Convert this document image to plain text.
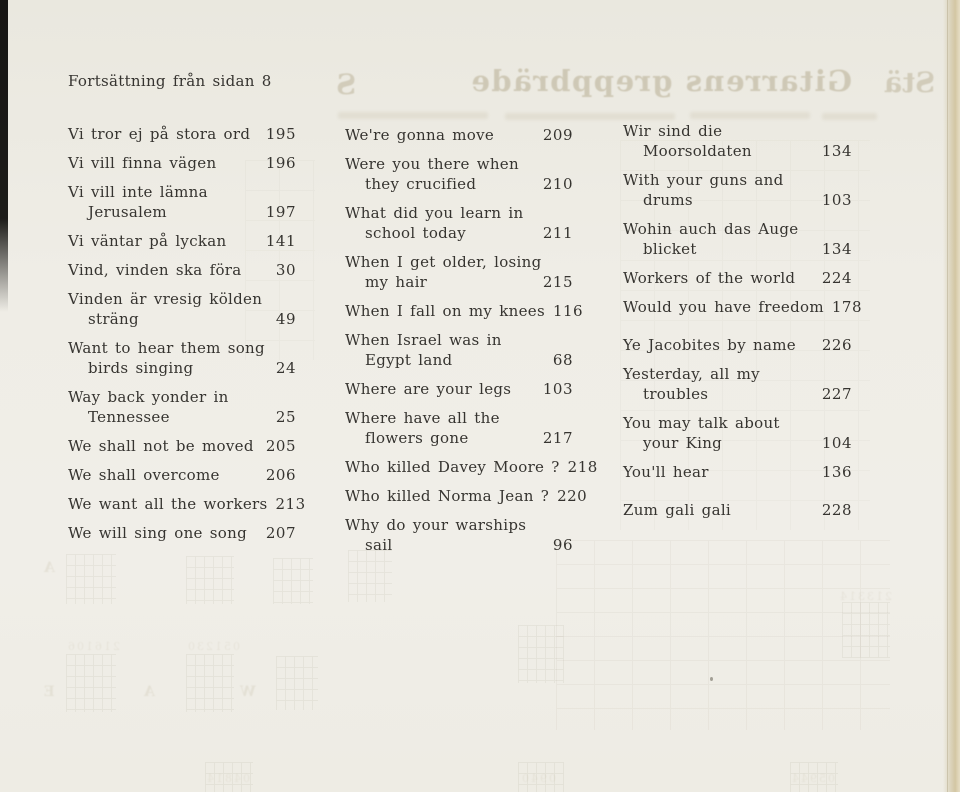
Gitarrens greppbräde
S	Stä
A
E	A	W
216106	051230
213314
04814	0940	05944
Fortsättning från sidan 8
Vi tror ej på stora ord	195
Vi vill finna vägen	196
Vi vill inte lämna
Jerusalem	197
Vi väntar på lyckan	141
Vind, vinden ska föra	30
Vinden är vresig kölden
sträng	49
Want to hear them song
birds singing	24
Way back yonder in
Tennessee	25
We shall not be moved 205
We shall overcome	206
We want all the workers 213
We will sing one song	207
We're gonna move	209
Were you there when
they crucified	210
What did you learn in
school today	211
When I get older, losing
my hair	215
When I fall on my knees 116
When Israel was in
Egypt land	68
Where are your legs	103
Where have all the
flowers gone	217
Who killed Davey Moore ? 218
Who killed Norma Jean ? 220
Why do your warships
sail	96
Wir sind die
Moorsoldaten	134
With your guns and
drums	103
Wohin auch das Auge
blicket	134
Workers of the world	224
Would you have freedom 178
Ye Jacobites by name	226
Yesterday, all my
troubles	227
You may talk about
your King	104
You'll hear	136
Zum gali gali	228
